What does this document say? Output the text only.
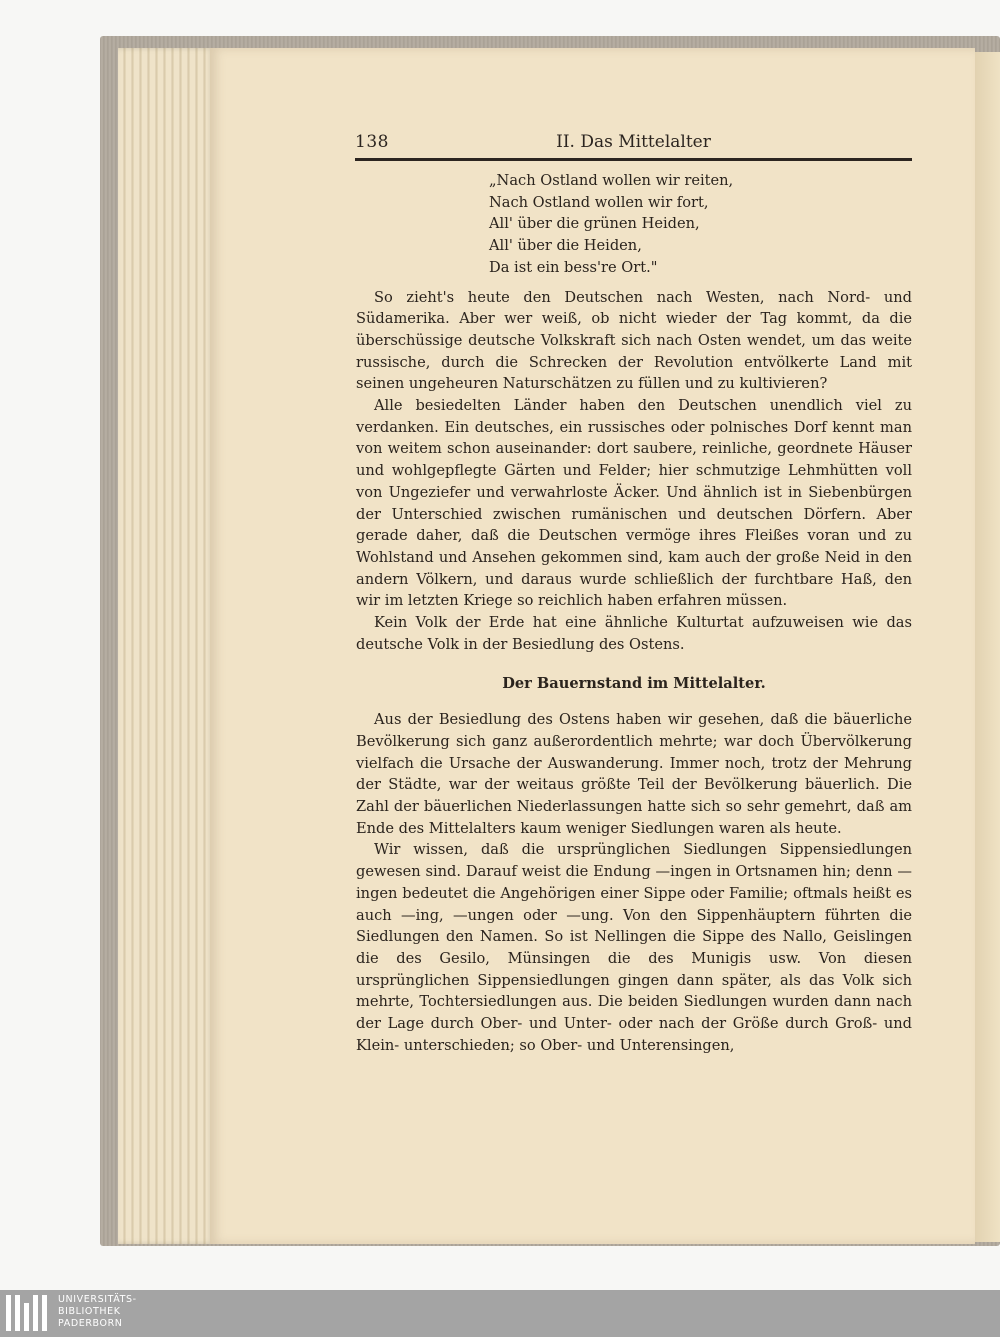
138	II. Das Mittelalter
„Nach Ostland wollen wir reiten,
Nach Ostland wollen wir fort,
All' über die grünen Heiden,
All' über die Heiden,
Da ist ein bess're Ort."

So zieht's heute den Deutschen nach Westen, nach Nord- und Südamerika. Aber wer weiß, ob nicht wieder der Tag kommt, da die überschüssige deutsche Volkskraft sich nach Osten wendet, um das weite russische, durch die Schrecken der Revolution entvölkerte Land mit seinen ungeheuren Naturschätzen zu füllen und zu kultivieren?

Alle besiedelten Länder haben den Deutschen unendlich viel zu verdanken. Ein deutsches, ein russisches oder polnisches Dorf kennt man von weitem schon auseinander: dort saubere, reinliche, geordnete Häuser und wohlgepflegte Gärten und Felder; hier schmutzige Lehmhütten voll von Ungeziefer und verwahrloste Äcker. Und ähnlich ist in Siebenbürgen der Unterschied zwischen rumänischen und deutschen Dörfern. Aber gerade daher, daß die Deutschen vermöge ihres Fleißes voran und zu Wohlstand und Ansehen gekommen sind, kam auch der große Neid in den andern Völkern, und daraus wurde schließlich der furchtbare Haß, den wir im letzten Kriege so reichlich haben erfahren müssen.

Kein Volk der Erde hat eine ähnliche Kulturtat aufzuweisen wie das deutsche Volk in der Besiedlung des Ostens.

Der Bauernstand im Mittelalter.

Aus der Besiedlung des Ostens haben wir gesehen, daß die bäuerliche Bevölkerung sich ganz außerordentlich mehrte; war doch Übervölkerung vielfach die Ursache der Auswanderung. Immer noch, trotz der Mehrung der Städte, war der weitaus größte Teil der Bevölkerung bäuerlich. Die Zahl der bäuerlichen Niederlassungen hatte sich so sehr gemehrt, daß am Ende des Mittelalters kaum weniger Siedlungen waren als heute.

Wir wissen, daß die ursprünglichen Siedlungen Sippensiedlungen gewesen sind. Darauf weist die Endung —ingen in Ortsnamen hin; denn —ingen bedeutet die Angehörigen einer Sippe oder Familie; oftmals heißt es auch —ing, —ungen oder —ung. Von den Sippenhäuptern führten die Siedlungen den Namen. So ist Nellingen die Sippe des Nallo, Geislingen die des Gesilo, Münsingen die des Munigis usw. Von diesen ursprünglichen Sippensiedlungen gingen dann später, als das Volk sich mehrte, Tochtersiedlungen aus. Die beiden Siedlungen wurden dann nach der Lage durch Ober- und Unter- oder nach der Größe durch Groß- und Klein- unterschieden; so Ober- und Unterensingen,

UNIVERSITÄTS-
BIBLIOTHEK
PADERBORN
